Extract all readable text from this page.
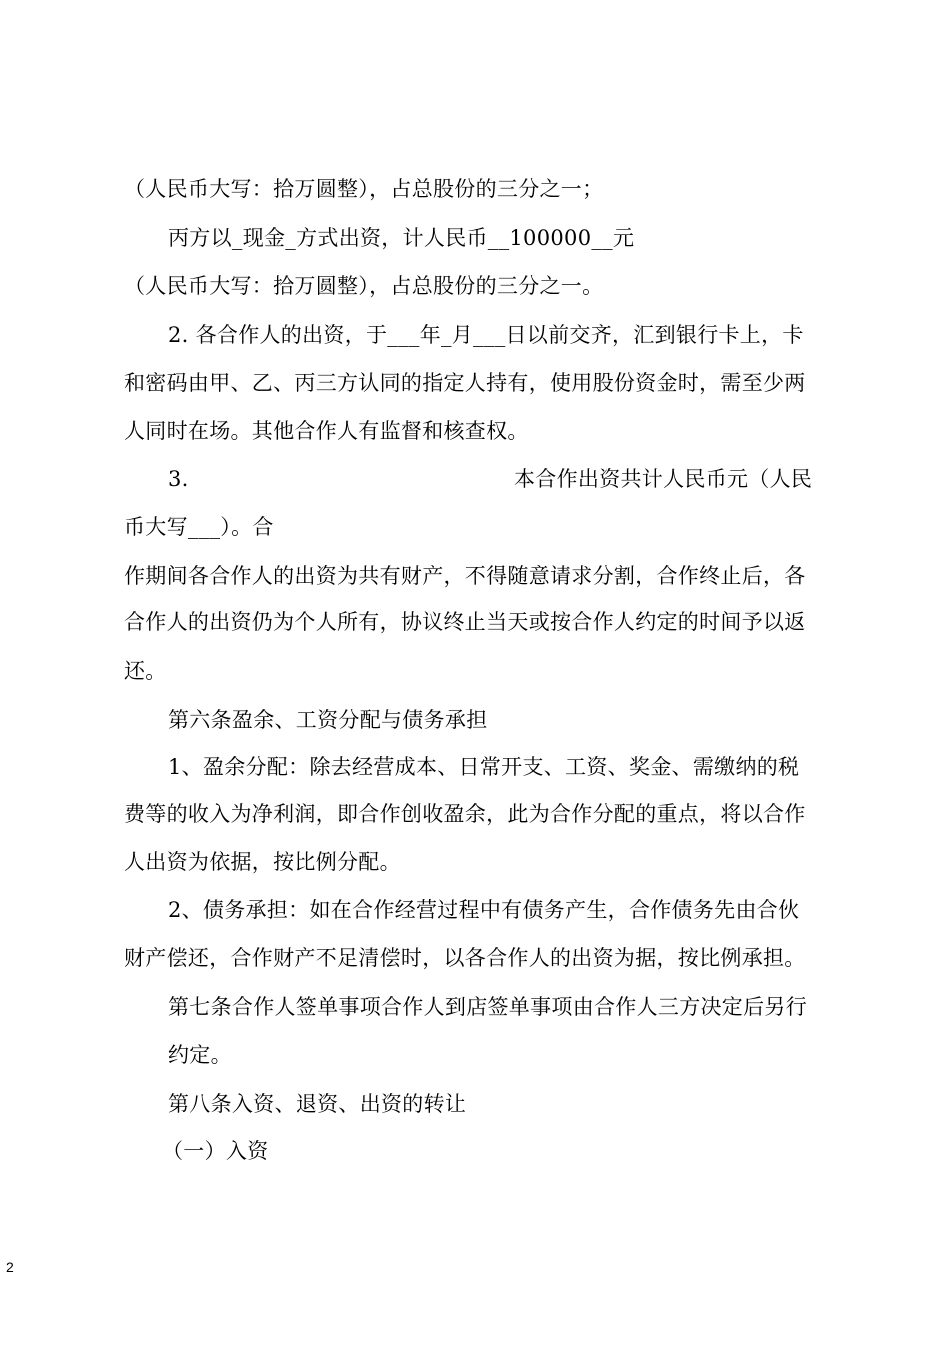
（人民币大写：拾万圆整），占总股份的三分之一；
丙方以_现金_方式出资，计人民币__100000__元
（人民币大写：拾万圆整），占总股份的三分之一。
2. 各合作人的出资，于___年_月___日以前交齐，汇到银行卡上，卡
和密码由甲、乙、丙三方认同的指定人持有，使用股份资金时，需至少两
人同时在场。其他合作人有监督和核查权。
3.	本合作出资共计人民币元（人民
币大写___）。合
作期间各合作人的出资为共有财产，不得随意请求分割，合作终止后，各
合作人的出资仍为个人所有，协议终止当天或按合作人约定的时间予以返
还。
第六条盈余、工资分配与债务承担
1、盈余分配：除去经营成本、日常开支、工资、奖金、需缴纳的税
费等的收入为净利润，即合作创收盈余，此为合作分配的重点，将以合作
人出资为依据，按比例分配。
2、债务承担：如在合作经营过程中有债务产生，合作债务先由合伙
财产偿还，合作财产不足清偿时，以各合作人的出资为据，按比例承担。
第七条合作人签单事项合作人到店签单事项由合作人三方决定后另行
约定。
第八条入资、退资、出资的转让
（一）入资
2
